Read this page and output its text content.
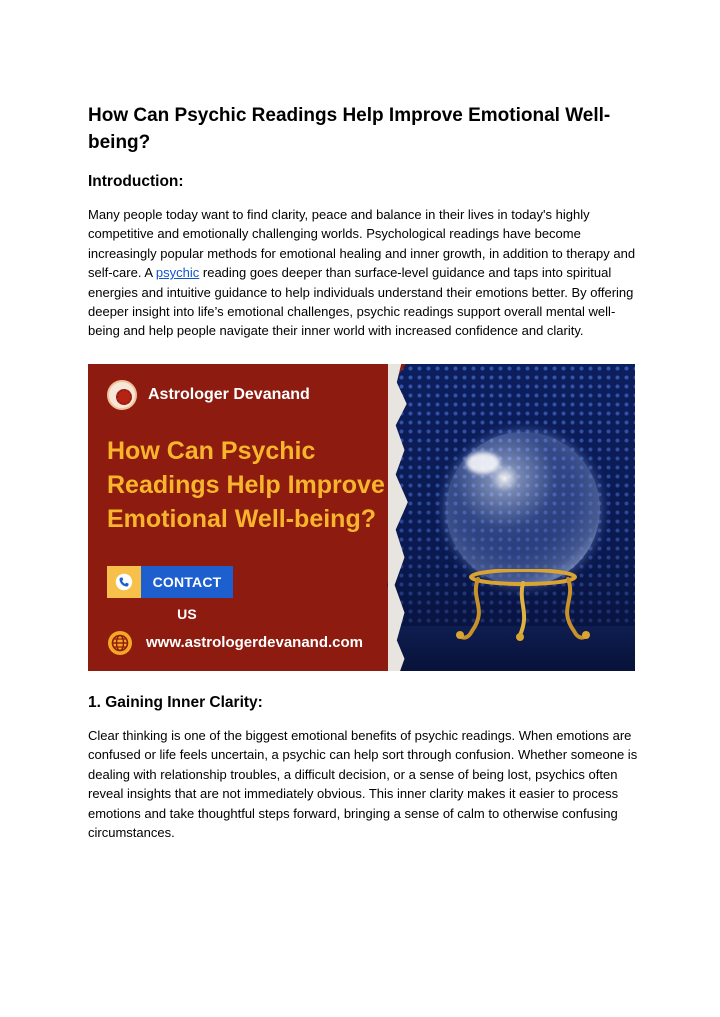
How Can Psychic Readings Help Improve Emotional Well-being?
Introduction:

Many people today want to find clarity, peace and balance in their lives in today's highly competitive and emotionally challenging worlds. Psychological readings have become increasingly popular methods for emotional healing and inner growth, in addition to therapy and self-care. A psychic reading goes deeper than surface-level guidance and taps into spiritual energies and intuitive guidance to help individuals understand their emotions better. By offering deeper insight into life’s emotional challenges, psychic readings support overall mental well-being and help people navigate their inner world with increased confidence and clarity.

Astrologer Devanand
How Can Psychic Readings Help Improve Emotional Well-being?
CONTACT US
www.astrologerdevanand.com
1. Gaining Inner Clarity:

Clear thinking is one of the biggest emotional benefits of psychic readings. When emotions are confused or life feels uncertain, a psychic can help sort through confusion. Whether someone is dealing with relationship troubles, a difficult decision, or a sense of being lost, psychics often reveal insights that are not immediately obvious. This inner clarity makes it easier to process emotions and take thoughtful steps forward, bringing a sense of calm to otherwise confusing circumstances.
